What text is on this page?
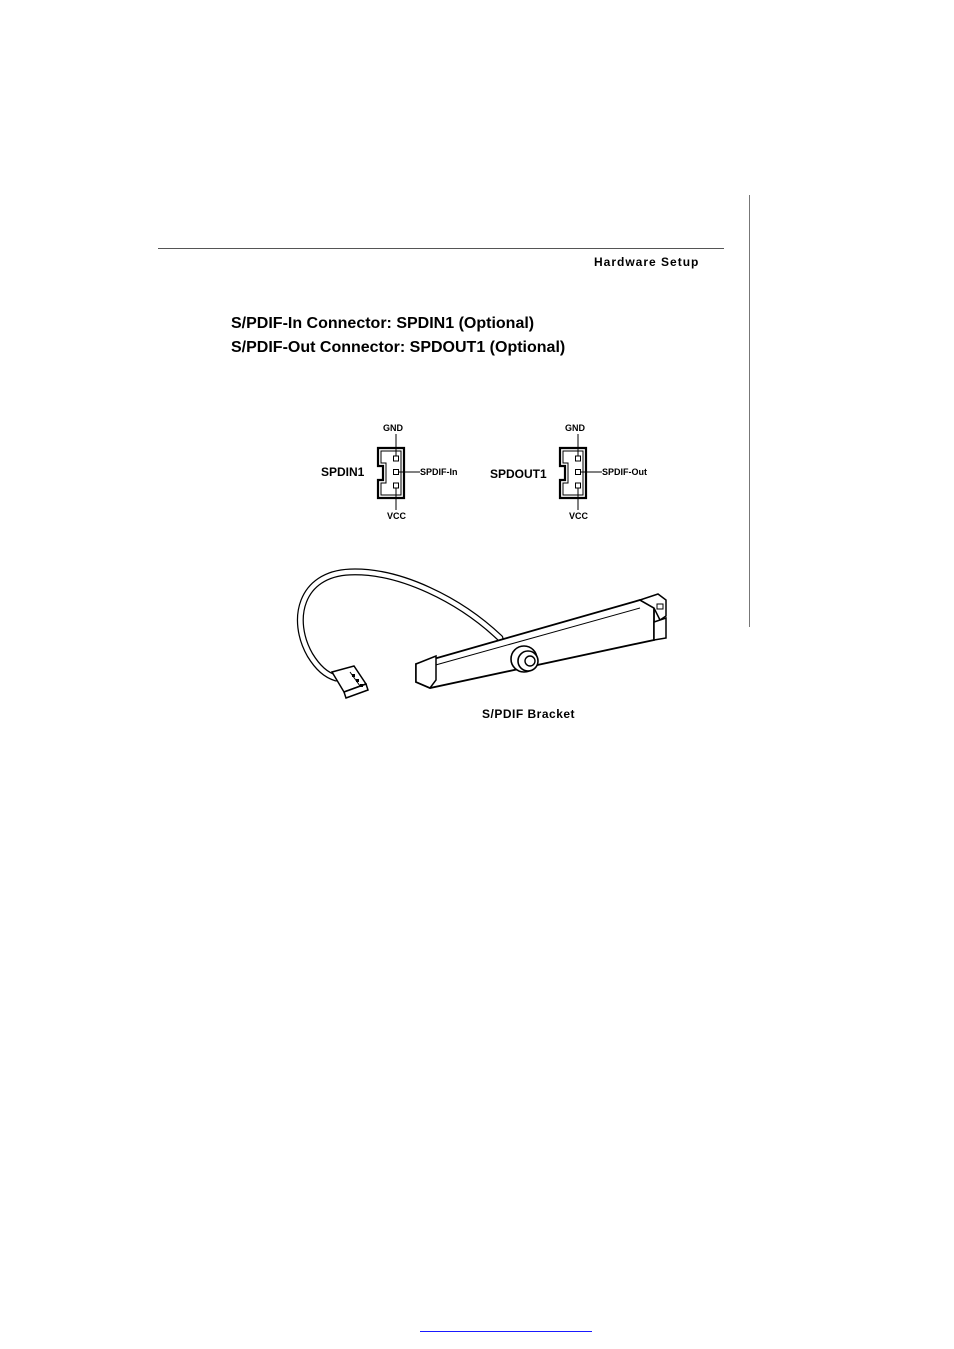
Hardware Setup
S/PDIF-In Connector: SPDIN1 (Optional)
S/PDIF-Out Connector: SPDOUT1 (Optional)
GND
SPDIN1	SPDIF-In
VCC
GND
SPDOUT1	SPDIF-Out
VCC
S/PDIF Bracket
